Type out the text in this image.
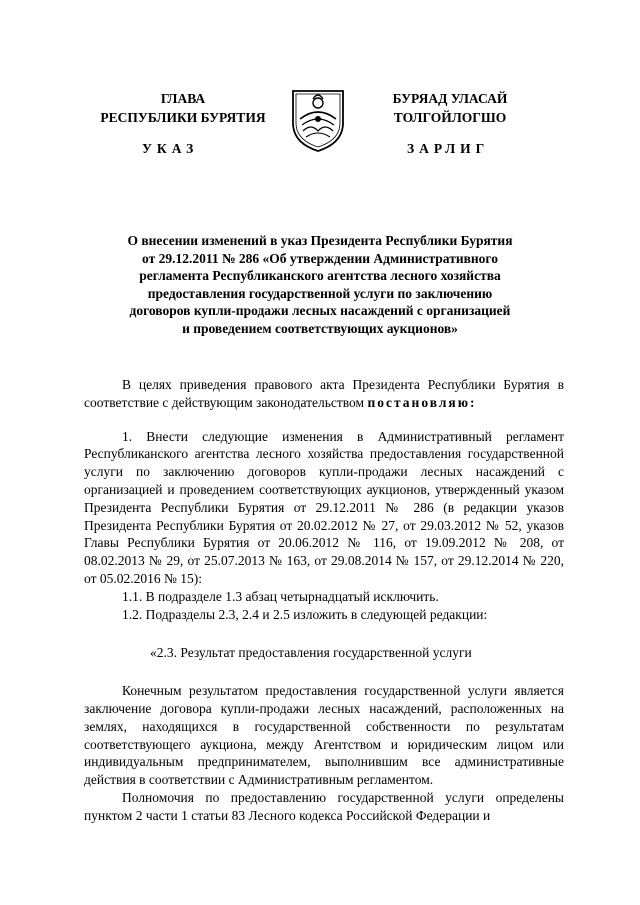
ГЛАВА
РЕСПУБЛИКИ БУРЯТИЯ
БУРЯАД УЛАСАЙ
ТОЛГОЙЛОГШО
УКАЗ	ЗАРЛИГ
О внесении изменений в указ Президента Республики Бурятия
от 29.12.2011 № 286 «Об утверждении Административного
регламента Республиканского агентства лесного хозяйства
предоставления государственной услуги по заключению
договоров купли-продажи лесных насаждений с организацией
и проведением соответствующих аукционов»

В целях приведения правового акта Президента Республики Бурятия в соответствие с действующим законодательством постановляю:

1. Внести следующие изменения в Административный регламент Республиканского агентства лесного хозяйства предоставления государственной услуги по заключению договоров купли-продажи лесных насаждений с организацией и проведением соответствующих аукционов, утвержденный указом Президента Республики Бурятия от 29.12.2011 № 286 (в редакции указов Президента Республики Бурятия от 20.02.2012 № 27, от 29.03.2012 № 52, указов Главы Республики Бурятия от 20.06.2012 № 116, от 19.09.2012 № 208, от 08.02.2013 № 29, от 25.07.2013 № 163, от 29.08.2014 № 157, от 29.12.2014 № 220, от 05.02.2016 № 15):

1.1. В подразделе 1.3 абзац четырнадцатый исключить.

1.2. Подразделы 2.3, 2.4 и 2.5 изложить в следующей редакции:

«2.3. Результат предоставления государственной услуги

Конечным результатом предоставления государственной услуги является заключение договора купли-продажи лесных насаждений, расположенных на землях, находящихся в государственной собственности по результатам соответствующего аукциона, между Агентством и юридическим лицом или индивидуальным предпринимателем, выполнившим все административные действия в соответствии с Административным регламентом.

Полномочия по предоставлению государственной услуги определены пунктом 2 части 1 статьи 83 Лесного кодекса Российской Федерации и
